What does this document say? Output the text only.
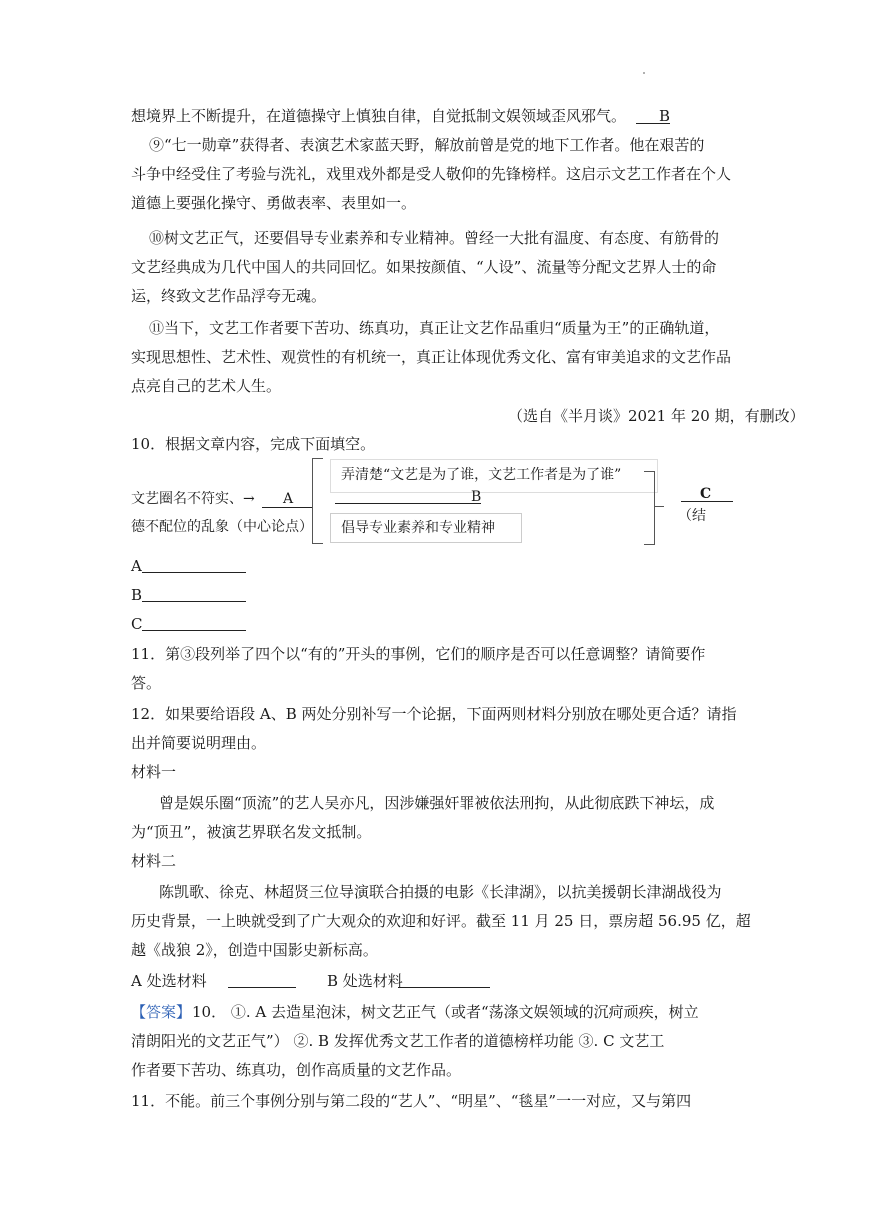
想境界上不断提升，在道德操守上慎独自律，自觉抵制文娱领域歪风邪气。 B
⑨“七一勋章”获得者、表演艺术家蓝天野，解放前曾是党的地下工作者。他在艰苦的
斗争中经受住了考验与洗礼，戏里戏外都是受人敬仰的先锋榜样。这启示文艺工作者在个人
道德上要强化操守、勇做表率、表里如一。
⑩树文艺正气，还要倡导专业素养和专业精神。曾经一大批有温度、有态度、有筋骨的
文艺经典成为几代中国人的共同回忆。如果按颜值、“人设”、流量等分配文艺界人士的命
运，终致文艺作品浮夸无魂。
⑪当下，文艺工作者要下苦功、练真功，真正让文艺作品重归“质量为王”的正确轨道，
实现思想性、艺术性、观赏性的有机统一，真正让体现优秀文化、富有审美追求的文艺作品
点亮自己的艺术人生。
（选自《半月谈》2021 年 20 期，有删改）
10．根据文章内容，完成下面填空。
A
B
C
11．第③段列举了四个以“有的”开头的事例，它们的顺序是否可以任意调整？请简要作
答。
12．如果要给语段 A、B 两处分别补写一个论据，下面两则材料分别放在哪处更合适？请指
出并简要说明理由。
材料一
曾是娱乐圈“顶流”的艺人吴亦凡，因涉嫌强奸罪被依法刑拘，从此彻底跌下神坛，成
为“顶丑”，被演艺界联名发文抵制。
材料二
陈凯歌、徐克、林超贤三位导演联合拍摄的电影《长津湖》，以抗美援朝长津湖战役为
历史背景，一上映就受到了广大观众的欢迎和好评。截至 11 月 25 日，票房超 56.95 亿，超
越《战狼 2》，创造中国影史新标高。
A 处选材料	B 处选材料
10． ①. A 去造星泡沫，树文艺正气（或者“荡涤文娱领域的沉疴顽疾，树立
清朗阳光的文艺正气”） ②. B 发挥优秀文艺工作者的道德榜样功能 ③. C 文艺工
作者要下苦功、练真功，创作高质量的文艺作品。
11．不能。前三个事例分别与第二段的“艺人”、“明星”、“毯星”一一对应，又与第四
【答案】
文艺圈名不符实、→
德不配位的乱象（中心论点）
A
弄清楚“文艺是为了谁，文艺工作者是为了谁”
B
倡导专业素养和专业精神
C
（结
